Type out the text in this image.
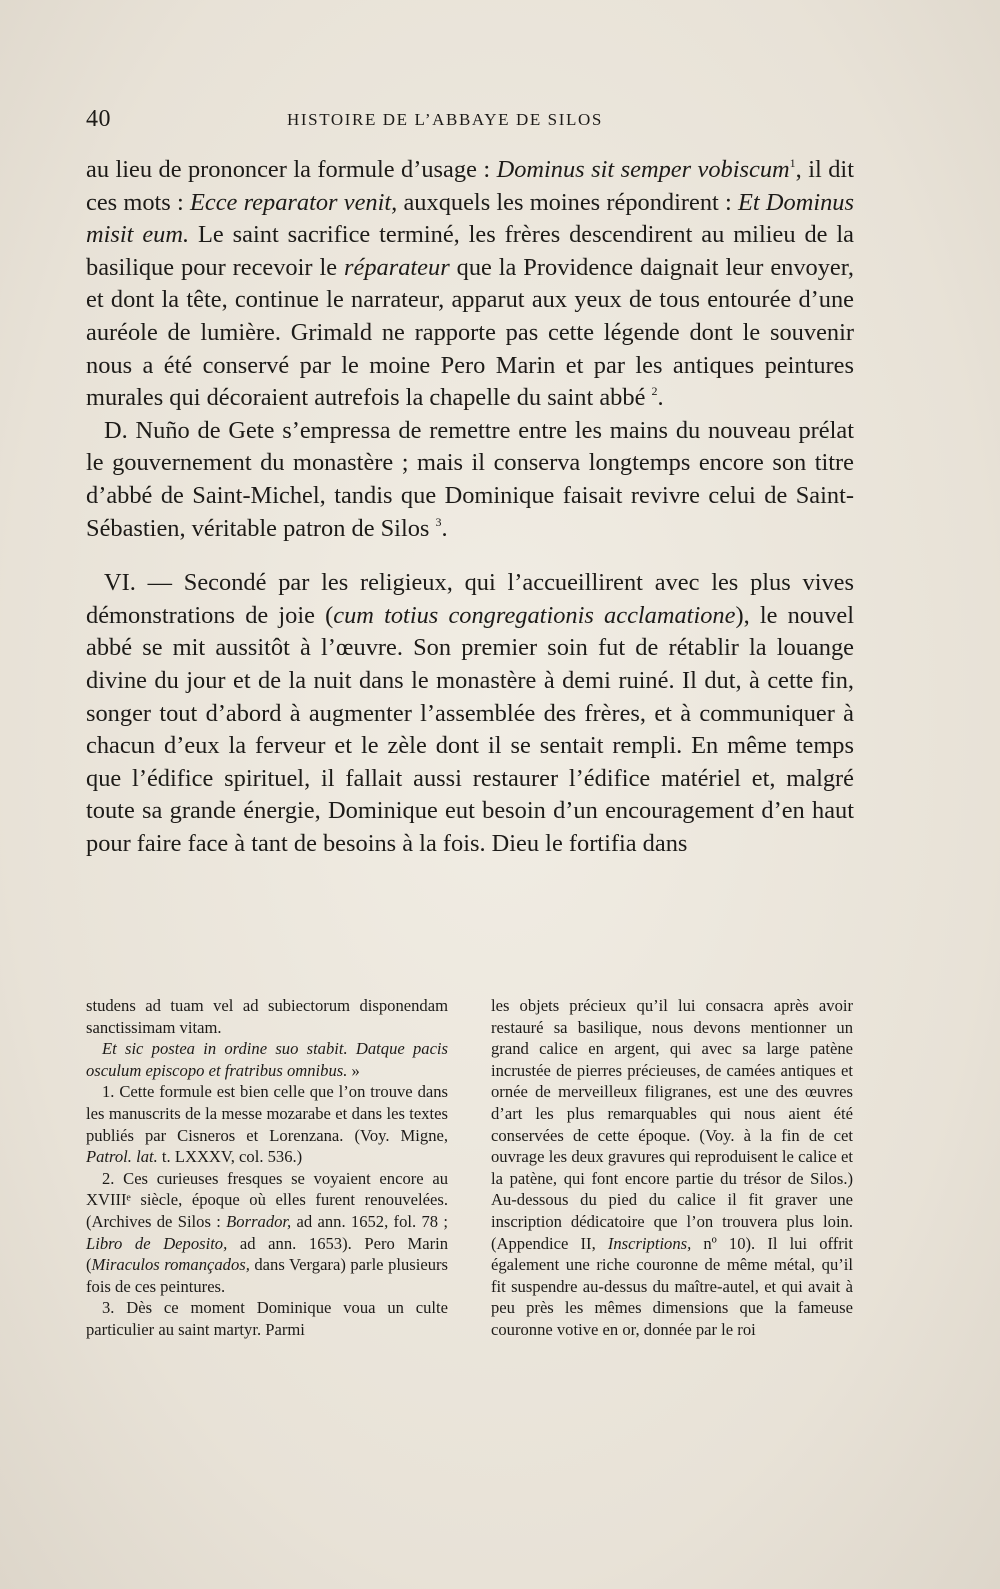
40	HISTOIRE DE L’ABBAYE DE SILOS

au lieu de prononcer la formule d’usage : Dominus sit semper vobiscum$^1$, il dit ces mots : Ecce reparator venit, auxquels les moines répondirent : Et Dominus misit eum. Le saint sacrifice terminé, les frères descendirent au milieu de la basilique pour recevoir le réparateur que la Providence daignait leur envoyer, et dont la tête, continue le narrateur, apparut aux yeux de tous entourée d’une auréole de lumière. Grimald ne rapporte pas cette légende dont le souvenir nous a été conservé par le moine Pero Marin et par les antiques peintures murales qui décoraient autrefois la chapelle du saint abbé $^2$.

D. Nuño de Gete s’empressa de remettre entre les mains du nouveau prélat le gouvernement du monastère ; mais il conserva longtemps encore son titre d’abbé de Saint-Michel, tandis que Dominique faisait revivre celui de Saint-Sébastien, véritable patron de Silos $^3$.

VI. — Secondé par les religieux, qui l’accueillirent avec les plus vives démonstrations de joie (cum totius congregationis acclamatione), le nouvel abbé se mit aussitôt à l’œuvre. Son premier soin fut de rétablir la louange divine du jour et de la nuit dans le monastère à demi ruiné. Il dut, à cette fin, songer tout d’abord à augmenter l’assemblée des frères, et à communiquer à chacun d’eux la ferveur et le zèle dont il se sentait rempli. En même temps que l’édifice spirituel, il fallait aussi restaurer l’édifice matériel et, malgré toute sa grande énergie, Dominique eut besoin d’un encouragement d’en haut pour faire face à tant de besoins à la fois. Dieu le fortifia dans

studens ad tuam vel ad subiectorum disponendam sanctissimam vitam.

Et sic postea in ordine suo stabit. Datque pacis osculum episcopo et fratribus omnibus. »

1. Cette formule est bien celle que l’on trouve dans les manuscrits de la messe mozarabe et dans les textes publiés par Cisneros et Lorenzana. (Voy. Migne, Patrol. lat. t. LXXXV, col. 536.)

2. Ces curieuses fresques se voyaient encore au XVIIIᵉ siècle, époque où elles furent renouvelées. (Archives de Silos : Borrador, ad ann. 1652, fol. 78 ; Libro de Deposito, ad ann. 1653). Pero Marin (Miraculos romançados, dans Vergara) parle plusieurs fois de ces peintures.

3. Dès ce moment Dominique voua un culte particulier au saint martyr. Parmi

les objets précieux qu’il lui consacra après avoir restauré sa basilique, nous devons mentionner un grand calice en argent, qui avec sa large patène incrustée de pierres précieuses, de camées antiques et ornée de merveilleux filigranes, est une des œuvres d’art les plus remarquables qui nous aient été conservées de cette époque. (Voy. à la fin de cet ouvrage les deux gravures qui reproduisent le calice et la patène, qui font encore partie du trésor de Silos.) Au-dessous du pied du calice il fit graver une inscription dédicatoire que l’on trouvera plus loin. (Appendice II, Inscriptions, nº 10). Il lui offrit également une riche couronne de même métal, qu’il fit suspendre au-dessus du maître-autel, et qui avait à peu près les mêmes dimensions que la fameuse couronne votive en or, donnée par le roi
